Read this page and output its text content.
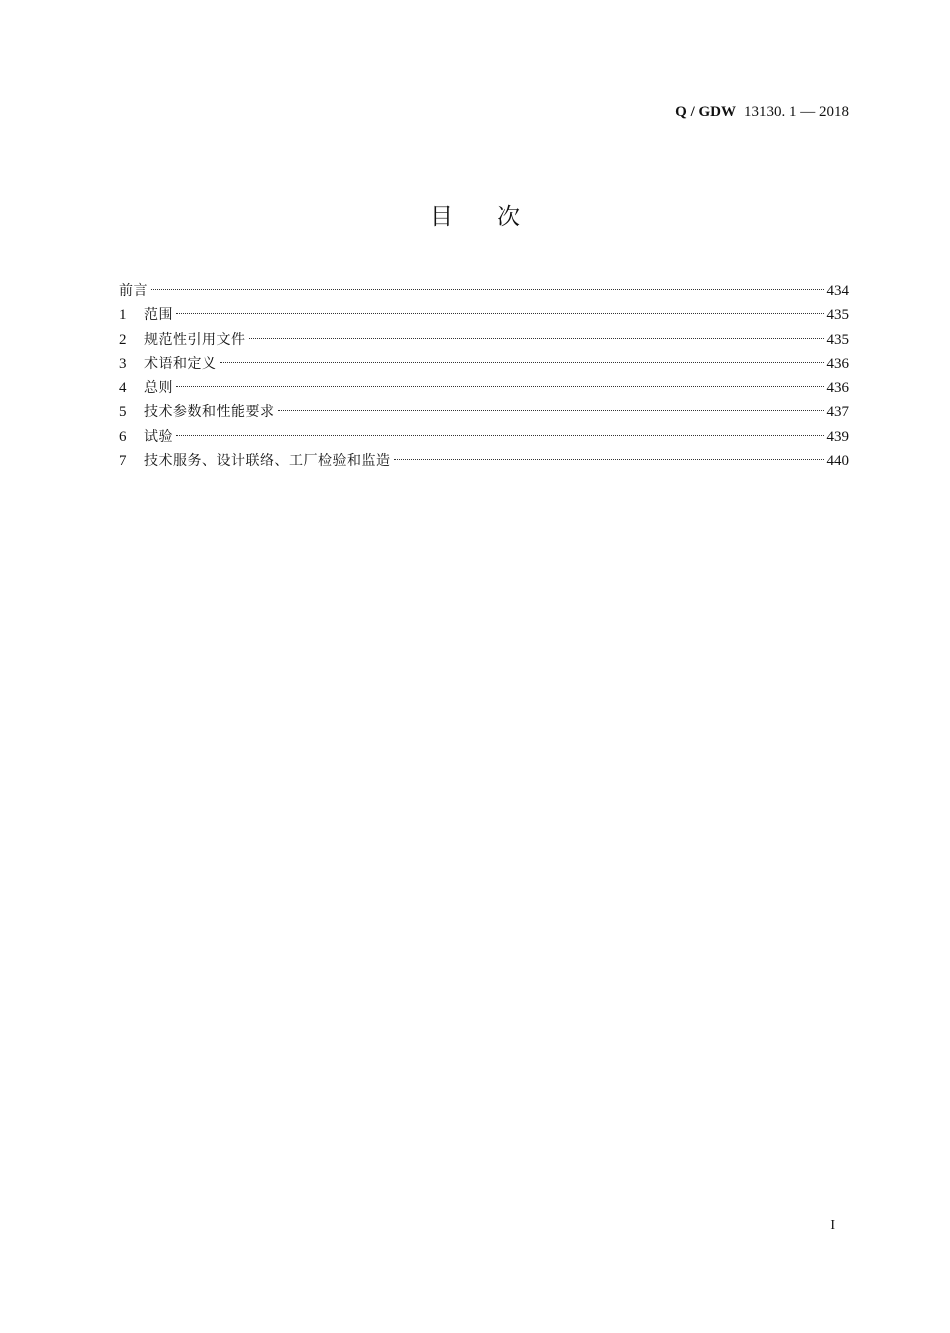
Q / GDW 13130. 1 — 2018
目 次
前言	434
1	范围	435
2	规范性引用文件	435
3	术语和定义	436
4	总则	436
5	技术参数和性能要求	437
6	试验	439
7	技术服务、设计联络、工厂检验和监造	440
I
